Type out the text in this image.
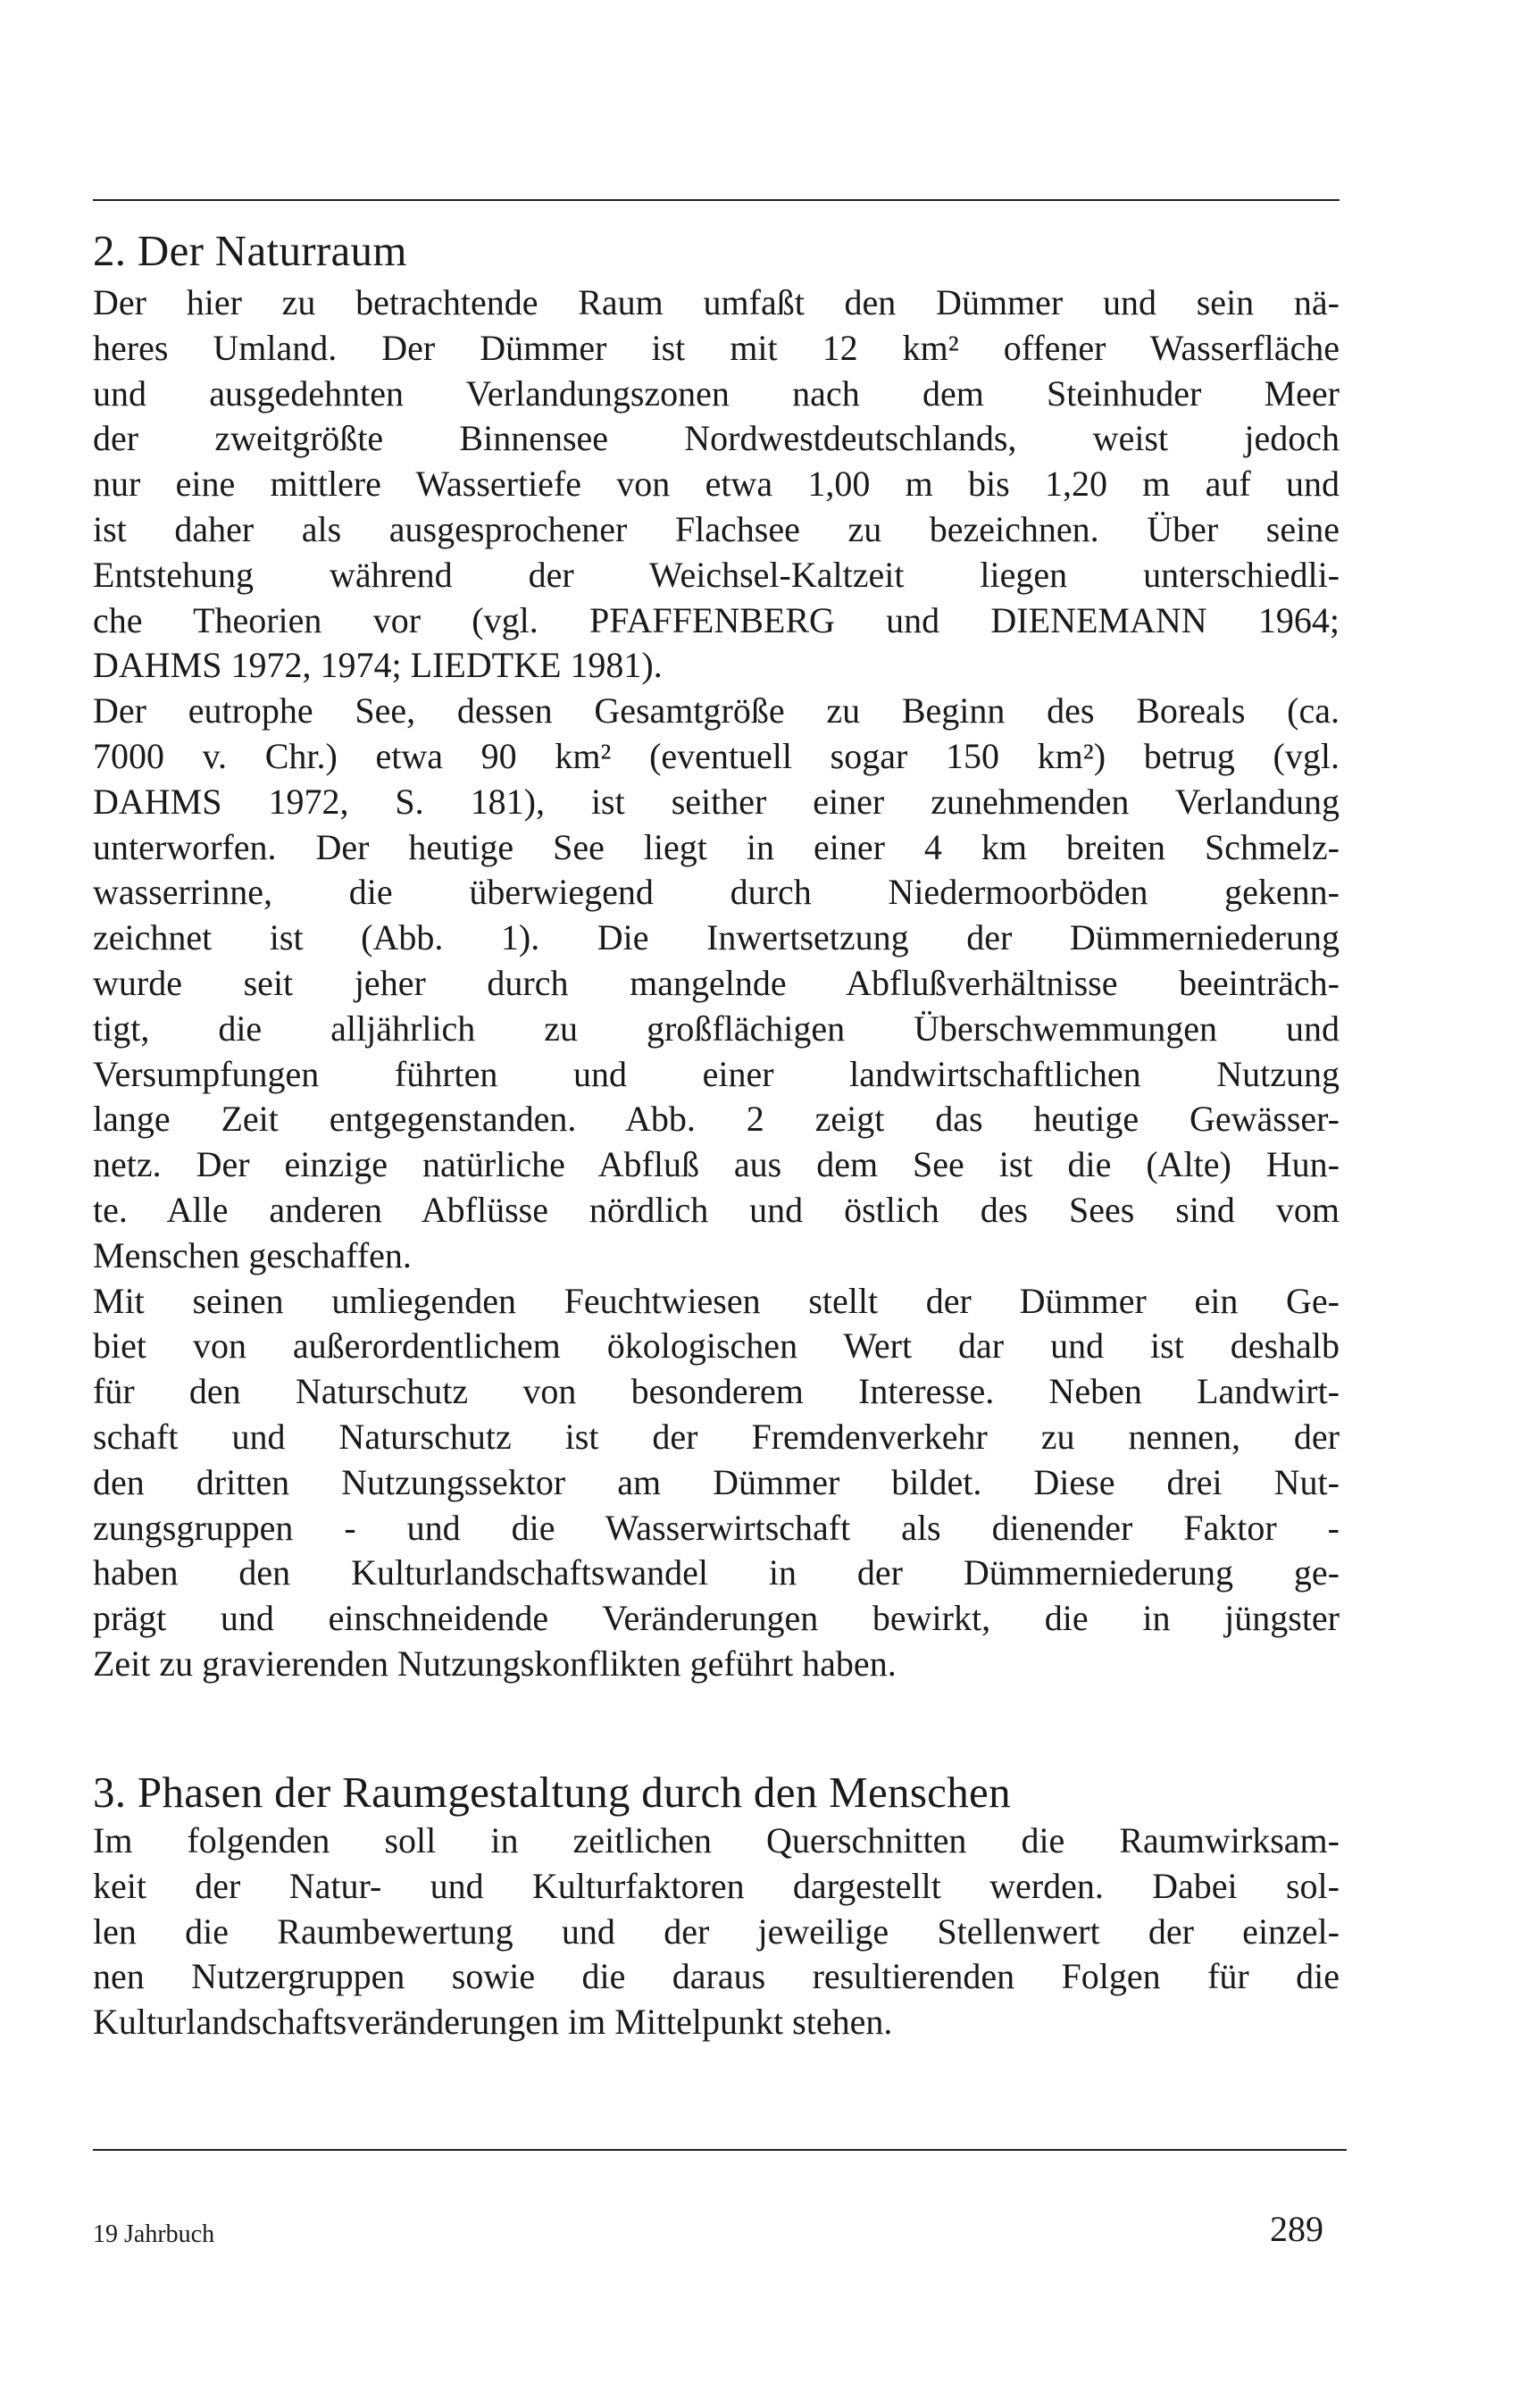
2. Der Naturraum
Der hier zu betrachtende Raum umfaßt den Dümmer und sein nä-
heres Umland. Der Dümmer ist mit 12 km² offener Wasserfläche
und ausgedehnten Verlandungszonen nach dem Steinhuder Meer
der zweitgrößte Binnensee Nordwestdeutschlands, weist jedoch
nur eine mittlere Wassertiefe von etwa 1,00 m bis 1,20 m auf und
ist daher als ausgesprochener Flachsee zu bezeichnen. Über seine
Entstehung während der Weichsel-Kaltzeit liegen unterschiedli-
che Theorien vor (vgl. PFAFFENBERG und DIENEMANN 1964;
DAHMS 1972, 1974; LIEDTKE 1981).
Der eutrophe See, dessen Gesamtgröße zu Beginn des Boreals (ca.
7000 v. Chr.) etwa 90 km² (eventuell sogar 150 km²) betrug (vgl.
DAHMS 1972, S. 181), ist seither einer zunehmenden Verlandung
unterworfen. Der heutige See liegt in einer 4 km breiten Schmelz-
wasserrinne, die überwiegend durch Niedermoorböden gekenn-
zeichnet ist (Abb. 1). Die Inwertsetzung der Dümmerniederung
wurde seit jeher durch mangelnde Abflußverhältnisse beeinträch-
tigt, die alljährlich zu großflächigen Überschwemmungen und
Versumpfungen führten und einer landwirtschaftlichen Nutzung
lange Zeit entgegenstanden. Abb. 2 zeigt das heutige Gewässer-
netz. Der einzige natürliche Abfluß aus dem See ist die (Alte) Hun-
te. Alle anderen Abflüsse nördlich und östlich des Sees sind vom
Menschen geschaffen.
Mit seinen umliegenden Feuchtwiesen stellt der Dümmer ein Ge-
biet von außerordentlichem ökologischen Wert dar und ist deshalb
für den Naturschutz von besonderem Interesse. Neben Landwirt-
schaft und Naturschutz ist der Fremdenverkehr zu nennen, der
den dritten Nutzungssektor am Dümmer bildet. Diese drei Nut-
zungsgruppen - und die Wasserwirtschaft als dienender Faktor -
haben den Kulturlandschaftswandel in der Dümmerniederung ge-
prägt und einschneidende Veränderungen bewirkt, die in jüngster
Zeit zu gravierenden Nutzungskonflikten geführt haben.
3. Phasen der Raumgestaltung durch den Menschen
Im folgenden soll in zeitlichen Querschnitten die Raumwirksam-
keit der Natur- und Kulturfaktoren dargestellt werden. Dabei sol-
len die Raumbewertung und der jeweilige Stellenwert der einzel-
nen Nutzergruppen sowie die daraus resultierenden Folgen für die
Kulturlandschaftsveränderungen im Mittelpunkt stehen.
19 Jahrbuch	289
